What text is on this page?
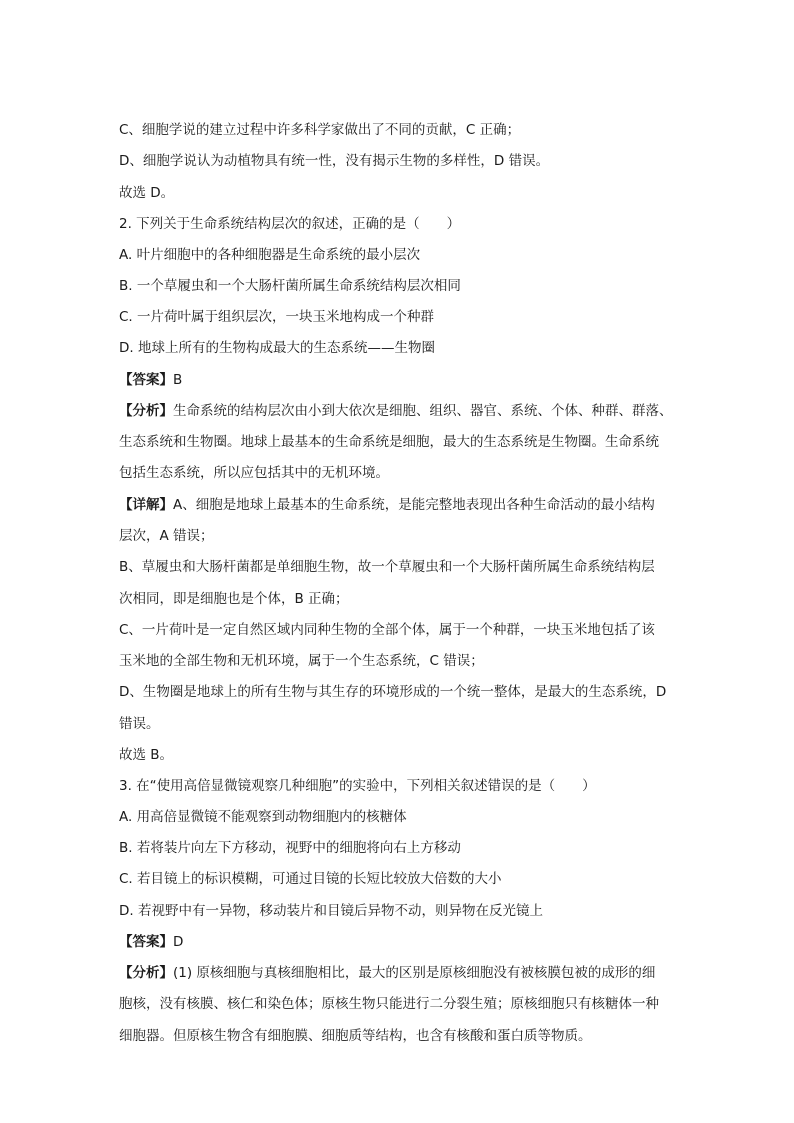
C、细胞学说的建立过程中许多科学家做出了不同的贡献，C 正确；
D、细胞学说认为动植物具有统一性，没有揭示生物的多样性，D 错误。
故选 D。
2. 下列关于生命系统结构层次的叙述，正确的是（　　）
A. 叶片细胞中的各种细胞器是生命系统的最小层次
B. 一个草履虫和一个大肠杆菌所属生命系统结构层次相同
C. 一片荷叶属于组织层次，一块玉米地构成一个种群
D. 地球上所有的生物构成最大的生态系统——生物圈
【答案】B
【分析】生命系统的结构层次由小到大依次是细胞、组织、器官、系统、个体、种群、群落、
生态系统和生物圈。地球上最基本的生命系统是细胞，最大的生态系统是生物圈。生命系统
包括生态系统，所以应包括其中的无机环境。
【详解】A、细胞是地球上最基本的生命系统，是能完整地表现出各种生命活动的最小结构
层次，A 错误；
B、草履虫和大肠杆菌都是单细胞生物，故一个草履虫和一个大肠杆菌所属生命系统结构层
次相同，即是细胞也是个体，B 正确；
C、一片荷叶是一定自然区域内同种生物的全部个体，属于一个种群，一块玉米地包括了该
玉米地的全部生物和无机环境，属于一个生态系统，C 错误；
D、生物圈是地球上的所有生物与其生存的环境形成的一个统一整体，是最大的生态系统，D
错误。
故选 B。
3. 在“使用高倍显微镜观察几种细胞”的实验中，下列相关叙述错误的是（　　）
A. 用高倍显微镜不能观察到动物细胞内的核糖体
B. 若将装片向左下方移动，视野中的细胞将向右上方移动
C. 若目镜上的标识模糊，可通过目镜的长短比较放大倍数的大小
D. 若视野中有一异物，移动装片和目镜后异物不动，则异物在反光镜上
【答案】D
【分析】(1) 原核细胞与真核细胞相比，最大的区别是原核细胞没有被核膜包被的成形的细
胞核，没有核膜、核仁和染色体；原核生物只能进行二分裂生殖；原核细胞只有核糖体一种
细胞器。但原核生物含有细胞膜、细胞质等结构，也含有核酸和蛋白质等物质。
